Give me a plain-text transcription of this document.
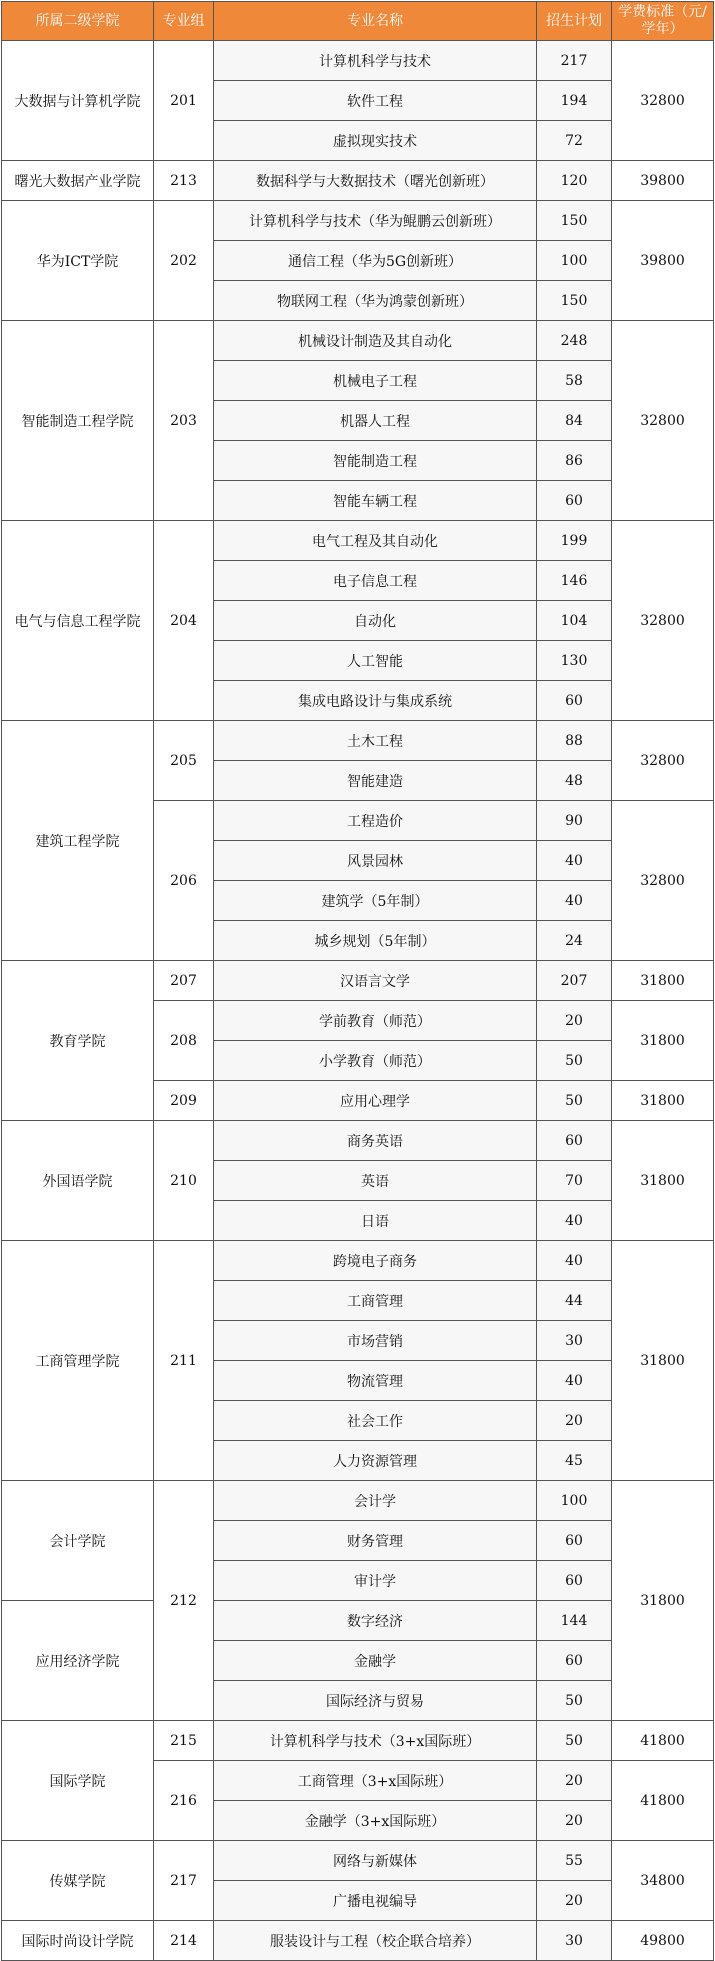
所属二级学院	专业组	专业名称	招生计划	学费标准（元/学年）
大数据与计算机学院	201	计算机科学与技术	217	32800
		软件工程	194	
		虚拟现实技术	72	
曙光大数据产业学院	213	数据科学与大数据技术（曙光创新班）	120	39800
华为ICT学院	202	计算机科学与技术（华为鲲鹏云创新班）	150	39800
		通信工程（华为5G创新班）	100	
		物联网工程（华为鸿蒙创新班）	150	
智能制造工程学院	203	机械设计制造及其自动化	248	32800
		机械电子工程	58	
		机器人工程	84	
		智能制造工程	86	
		智能车辆工程	60	
电气与信息工程学院	204	电气工程及其自动化	199	32800
		电子信息工程	146	
		自动化	104	
		人工智能	130	
		集成电路设计与集成系统	60	
建筑工程学院	205	土木工程	88	32800
		智能建造	48	
	206	工程造价	90	32800
		风景园林	40	
		建筑学（5年制）	40	
		城乡规划（5年制）	24	
教育学院	207	汉语言文学	207	31800
	208	学前教育（师范）	20	31800
		小学教育（师范）	50	
	209	应用心理学	50	31800
外国语学院	210	商务英语	60	31800
		英语	70	
		日语	40	
工商管理学院	211	跨境电子商务	40	31800
		工商管理	44	
		市场营销	30	
		物流管理	40	
		社会工作	20	
		人力资源管理	45	
会计学院	212	会计学	100	31800
		财务管理	60	
		审计学	60	
应用经济学院		数字经济	144	
		金融学	60	
		国际经济与贸易	50	
国际学院	215	计算机科学与技术（3+x国际班）	50	41800
	216	工商管理（3+x国际班）	20	41800
		金融学（3+x国际班）	20	
传媒学院	217	网络与新媒体	55	34800
		广播电视编导	20	
国际时尚设计学院	214	服装设计与工程（校企联合培养）	30	49800
